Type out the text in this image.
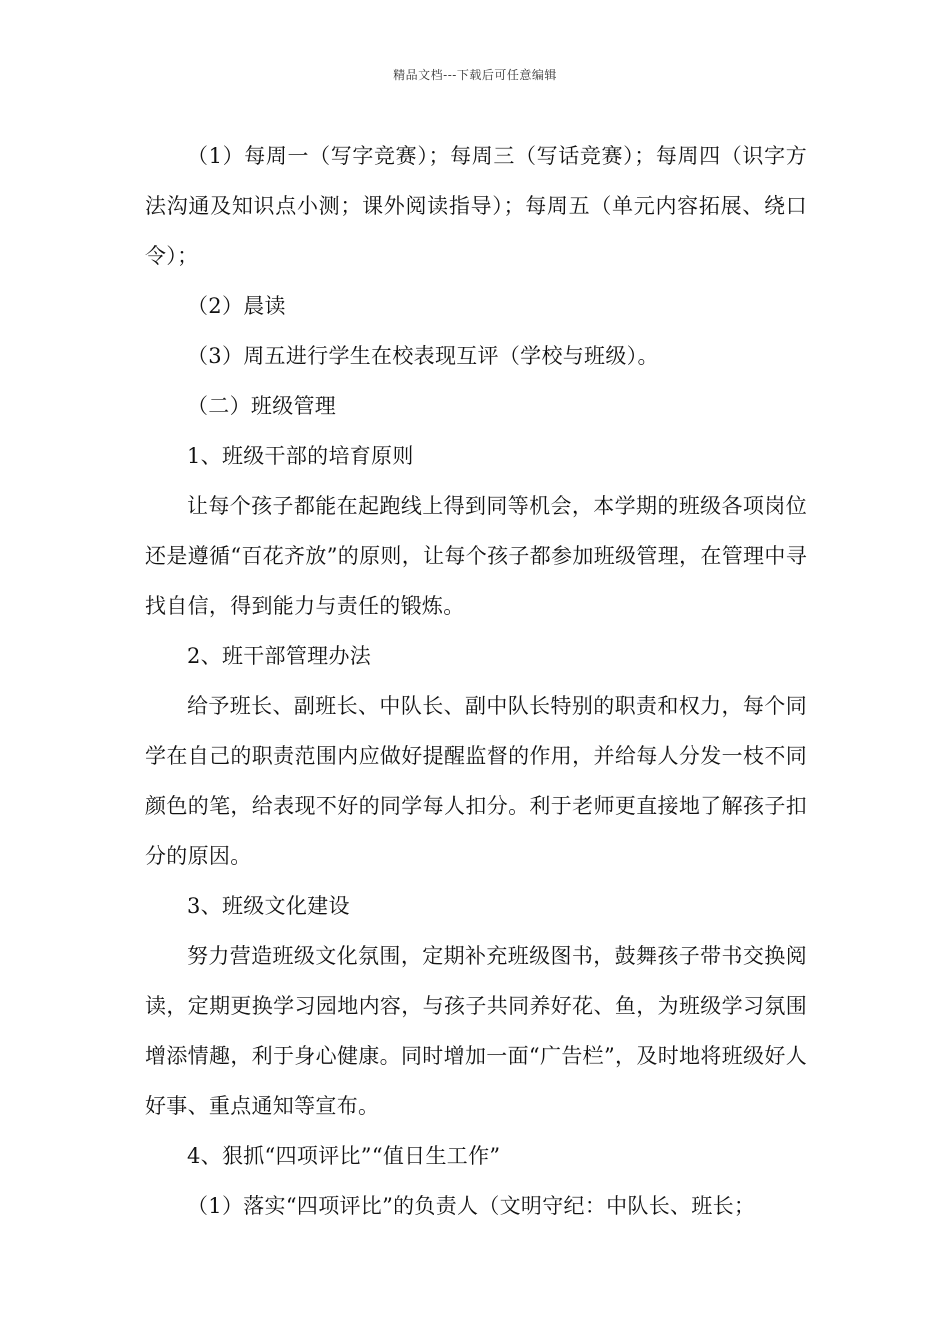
精品文档---下载后可任意编辑

（1）每周一（写字竞赛）；每周三（写话竞赛）；每周四（识字方法沟通及知识点小测；课外阅读指导）；每周五（单元内容拓展、绕口令）；

（2）晨读

（3）周五进行学生在校表现互评（学校与班级）。

（二）班级管理

1、班级干部的培育原则

让每个孩子都能在起跑线上得到同等机会，本学期的班级各项岗位还是遵循“百花齐放”的原则，让每个孩子都参加班级管理，在管理中寻找自信，得到能力与责任的锻炼。

2、班干部管理办法

给予班长、副班长、中队长、副中队长特别的职责和权力，每个同学在自己的职责范围内应做好提醒监督的作用，并给每人分发一枝不同颜色的笔，给表现不好的同学每人扣分。利于老师更直接地了解孩子扣分的原因。

3、班级文化建设

努力营造班级文化氛围，定期补充班级图书，鼓舞孩子带书交换阅读，定期更换学习园地内容，与孩子共同养好花、鱼，为班级学习氛围增添情趣，利于身心健康。同时增加一面“广告栏”，及时地将班级好人好事、重点通知等宣布。

4、狠抓“四项评比”“值日生工作”

（1）落实“四项评比”的负责人（文明守纪：中队长、班长；
